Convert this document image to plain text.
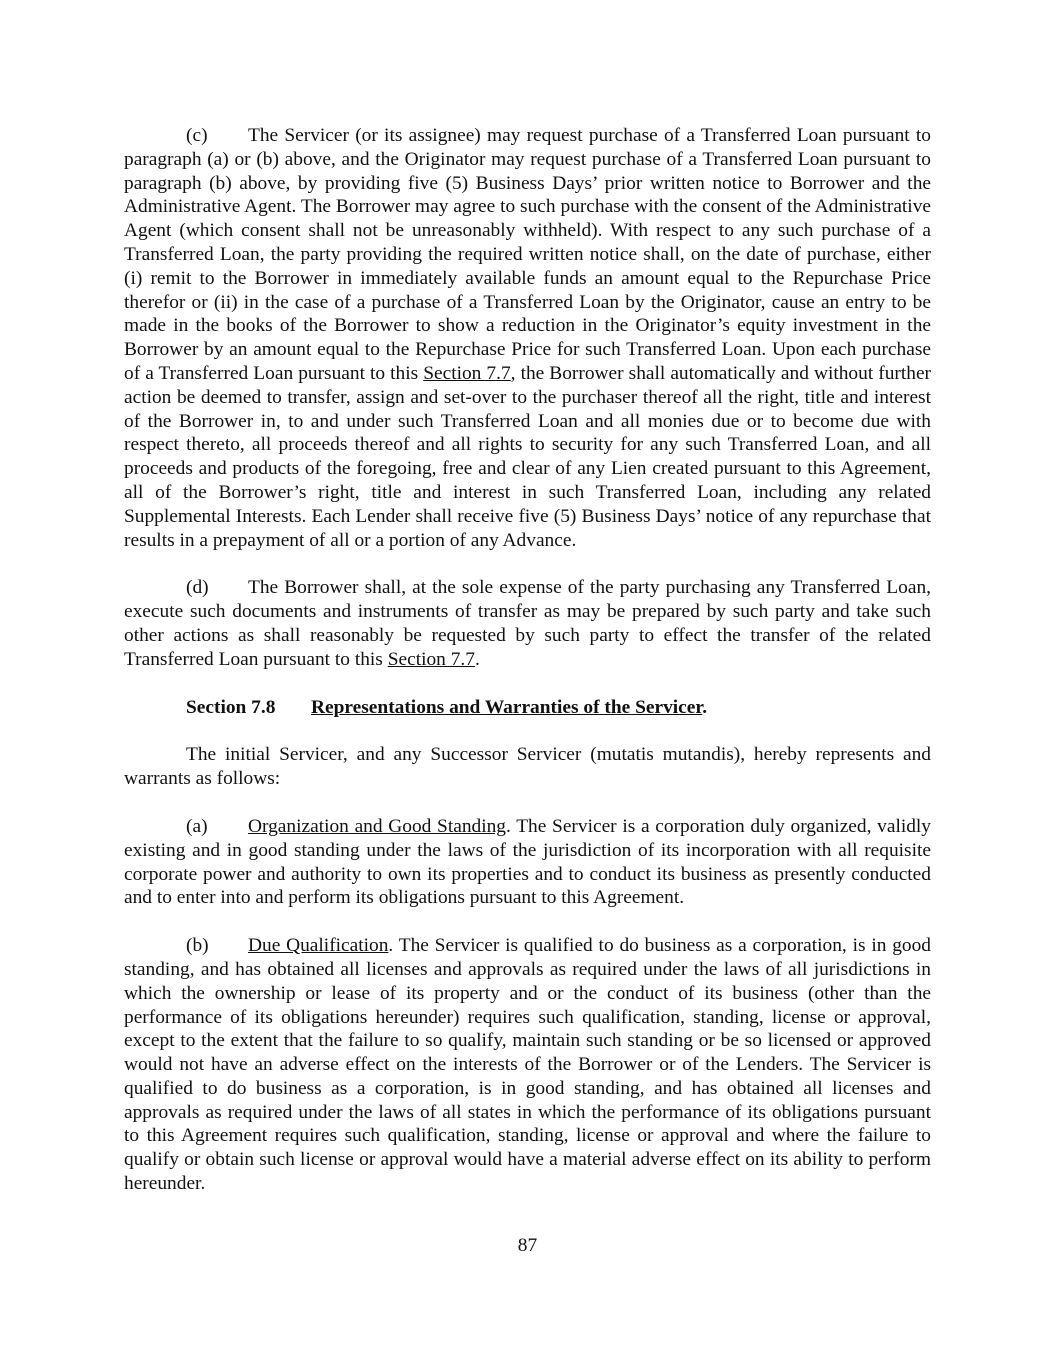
(c) The Servicer (or its assignee) may request purchase of a Transferred Loan pursuant to paragraph (a) or (b) above, and the Originator may request purchase of a Transferred Loan pursuant to paragraph (b) above, by providing five (5) Business Days’ prior written notice to Borrower and the Administrative Agent. The Borrower may agree to such purchase with the consent of the Administrative Agent (which consent shall not be unreasonably withheld). With respect to any such purchase of a Transferred Loan, the party providing the required written notice shall, on the date of purchase, either (i) remit to the Borrower in immediately available funds an amount equal to the Repurchase Price therefor or (ii) in the case of a purchase of a Transferred Loan by the Originator, cause an entry to be made in the books of the Borrower to show a reduction in the Originator’s equity investment in the Borrower by an amount equal to the Repurchase Price for such Transferred Loan. Upon each purchase of a Transferred Loan pursuant to this Section 7.7, the Borrower shall automatically and without further action be deemed to transfer, assign and set-over to the purchaser thereof all the right, title and interest of the Borrower in, to and under such Transferred Loan and all monies due or to become due with respect thereto, all proceeds thereof and all rights to security for any such Transferred Loan, and all proceeds and products of the foregoing, free and clear of any Lien created pursuant to this Agreement, all of the Borrower’s right, title and interest in such Transferred Loan, including any related Supplemental Interests. Each Lender shall receive five (5) Business Days’ notice of any repurchase that results in a prepayment of all or a portion of any Advance.

(d) The Borrower shall, at the sole expense of the party purchasing any Transferred Loan, execute such documents and instruments of transfer as may be prepared by such party and take such other actions as shall reasonably be requested by such party to effect the transfer of the related Transferred Loan pursuant to this Section 7.7.

Section 7.8 Representations and Warranties of the Servicer.

The initial Servicer, and any Successor Servicer (mutatis mutandis), hereby represents and warrants as follows:

(a) Organization and Good Standing. The Servicer is a corporation duly organized, validly existing and in good standing under the laws of the jurisdiction of its incorporation with all requisite corporate power and authority to own its properties and to conduct its business as presently conducted and to enter into and perform its obligations pursuant to this Agreement.

(b) Due Qualification. The Servicer is qualified to do business as a corporation, is in good standing, and has obtained all licenses and approvals as required under the laws of all jurisdictions in which the ownership or lease of its property and or the conduct of its business (other than the performance of its obligations hereunder) requires such qualification, standing, license or approval, except to the extent that the failure to so qualify, maintain such standing or be so licensed or approved would not have an adverse effect on the interests of the Borrower or of the Lenders. The Servicer is qualified to do business as a corporation, is in good standing, and has obtained all licenses and approvals as required under the laws of all states in which the performance of its obligations pursuant to this Agreement requires such qualification, standing, license or approval and where the failure to qualify or obtain such license or approval would have a material adverse effect on its ability to perform hereunder.

87
